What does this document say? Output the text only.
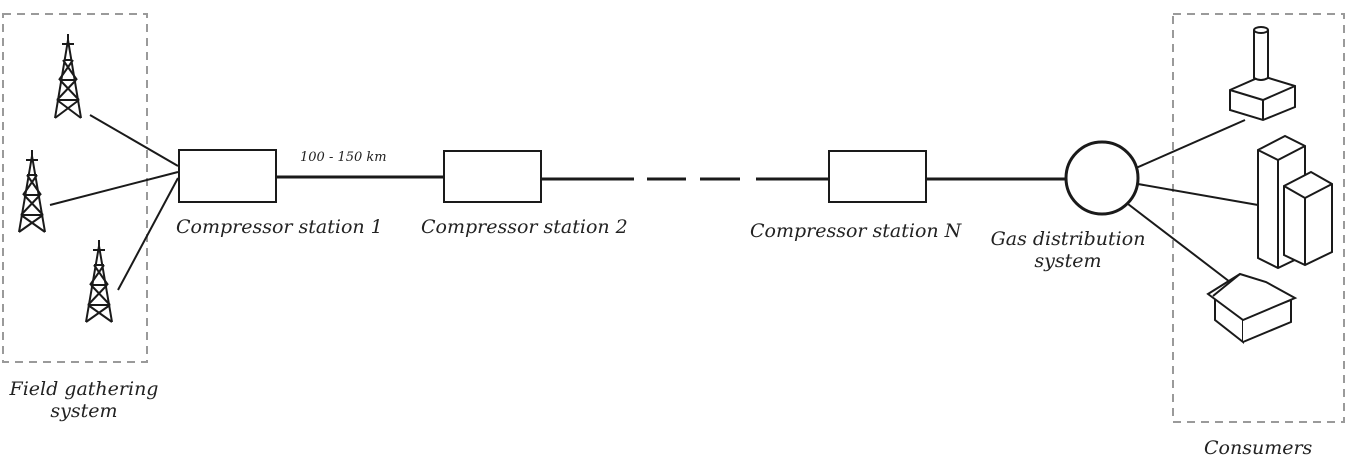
100 - 150 km
Compressor station 1 Compressor station 2	Compressor station N	Gas distribution
system
Field gathering
system
Consumers
